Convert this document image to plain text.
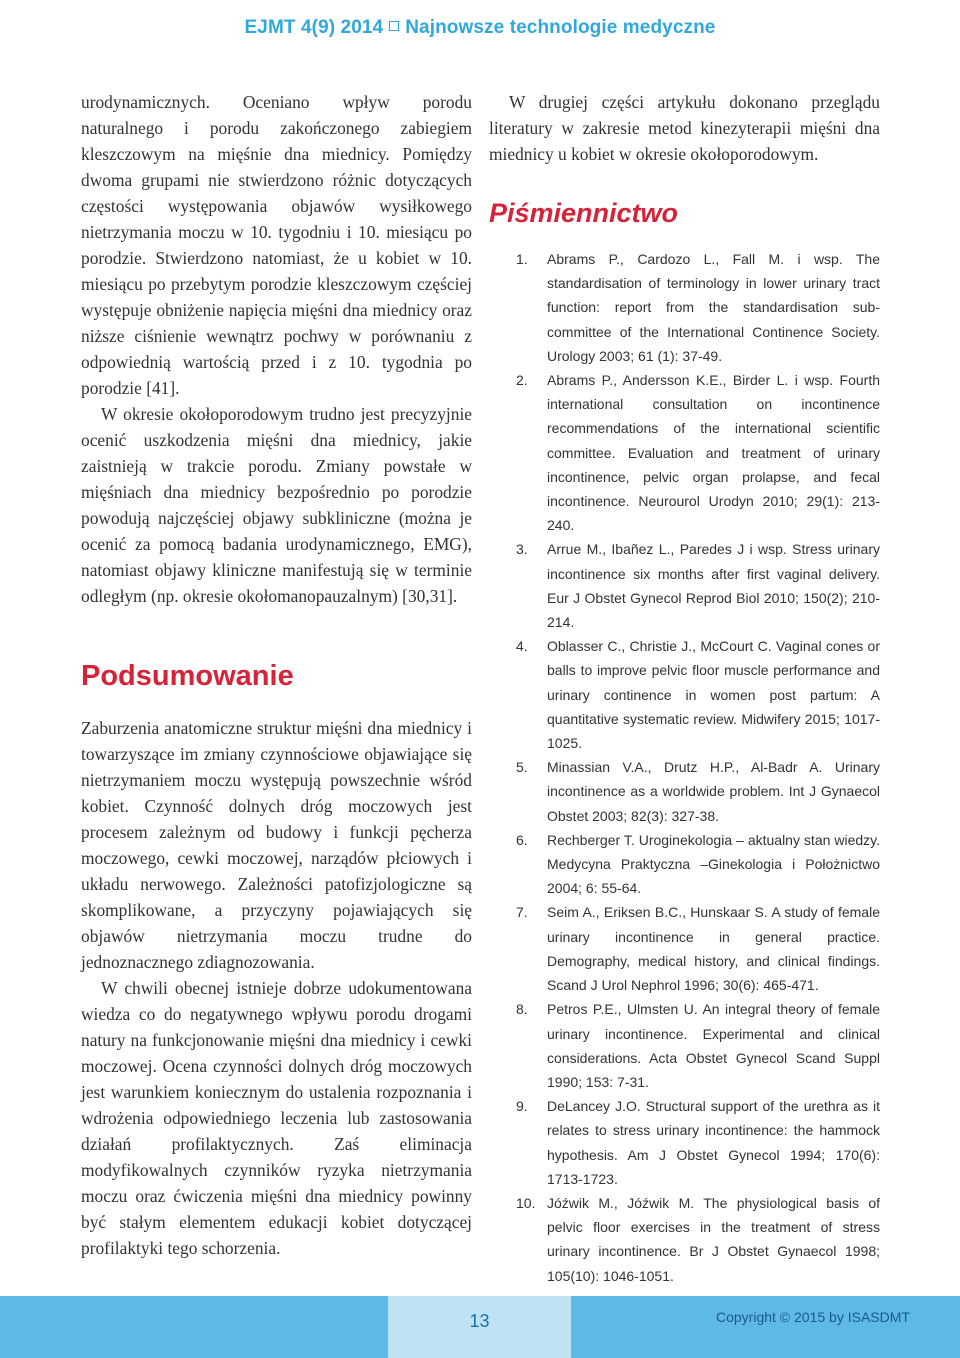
EJMT 4(9) 2014 Najnowsze technologie medyczne

urodynamicznych. Oceniano wpływ porodu naturalnego i porodu zakończonego zabiegiem kleszczowym na mięśnie dna miednicy. Pomiędzy dwoma grupami nie stwierdzono różnic dotyczących częstości występowania objawów wysiłkowego nietrzymania moczu w 10. tygodniu i 10. miesiącu po porodzie. Stwierdzono natomiast, że u kobiet w 10. miesiącu po przebytym porodzie kleszczowym częściej występuje obniżenie napięcia mięśni dna miednicy oraz niższe ciśnienie wewnątrz pochwy w porównaniu z odpowiednią wartością przed i z 10. tygodnia po porodzie [41].

W okresie okołoporodowym trudno jest precyzyjnie ocenić uszkodzenia mięśni dna miednicy, jakie zaistnieją w trakcie porodu. Zmiany powstałe w mięśniach dna miednicy bezpośrednio po porodzie powodują najczęściej objawy subkliniczne (można je ocenić za pomocą badania urodynamicznego, EMG), natomiast objawy kliniczne manifestują się w terminie odległym (np. okresie okołomanopauzalnym) [30,31].

Podsumowanie

Zaburzenia anatomiczne struktur mięśni dna miednicy i towarzyszące im zmiany czynnościowe objawiające się nietrzymaniem moczu występują powszechnie wśród kobiet. Czynność dolnych dróg moczowych jest procesem zależnym od budowy i funkcji pęcherza moczowego, cewki moczowej, narządów płciowych i układu nerwowego. Zależności patofizjologiczne są skomplikowane, a przyczyny pojawiających się objawów nietrzymania moczu trudne do jednoznacznego zdiagnozowania.

W chwili obecnej istnieje dobrze udokumentowana wiedza co do negatywnego wpływu porodu drogami natury na funkcjonowanie mięśni dna miednicy i cewki moczowej. Ocena czynności dolnych dróg moczowych jest warunkiem koniecznym do ustalenia rozpoznania i wdrożenia odpowiedniego leczenia lub zastosowania działań profilaktycznych. Zaś eliminacja modyfikowalnych czynników ryzyka nietrzymania moczu oraz ćwiczenia mięśni dna miednicy powinny być stałym elementem edukacji kobiet dotyczącej profilaktyki tego schorzenia.

W drugiej części artykułu dokonano przeglądu literatury w zakresie metod kinezyterapii mięśni dna miednicy u kobiet w okresie okołoporodowym.

Piśmiennictwo
1. Abrams P., Cardozo L., Fall M. i wsp. The standardisation of terminology in lower urinary tract function: report from the standardisation sub-committee of the International Continence Society. Urology 2003; 61 (1): 37-49.
2. Abrams P., Andersson K.E., Birder L. i wsp. Fourth international consultation on incontinence recommendations of the international scientific committee. Evaluation and treatment of urinary incontinence, pelvic organ prolapse, and fecal incontinence. Neurourol Urodyn 2010; 29(1): 213-240.
3. Arrue M., Ibañez L., Paredes J i wsp. Stress urinary incontinence six months after first vaginal delivery. Eur J Obstet Gynecol Reprod Biol 2010; 150(2); 210-214.
4. Oblasser C., Christie J., McCourt C. Vaginal cones or balls to improve pelvic floor muscle performance and urinary continence in women post partum: A quantitative systematic review. Midwifery 2015; 1017- 1025.
5. Minassian V.A., Drutz H.P., Al-Badr A. Urinary incontinence as a worldwide problem. Int J Gynaecol Obstet 2003; 82(3): 327-38.
6. Rechberger T. Uroginekologia – aktualny stan wiedzy. Medycyna Praktyczna –Ginekologia i Położnictwo 2004; 6: 55-64.
7. Seim A., Eriksen B.C., Hunskaar S. A study of female urinary incontinence in general practice. Demography, medical history, and clinical findings. Scand J Urol Nephrol 1996; 30(6): 465-471.
8. Petros P.E., Ulmsten U. An integral theory of female urinary incontinence. Experimental and clinical considerations. Acta Obstet Gynecol Scand Suppl 1990; 153: 7-31.
9. DeLancey J.O. Structural support of the urethra as it relates to stress urinary incontinence: the hammock hypothesis. Am J Obstet Gynecol 1994; 170(6): 1713-1723.
10. Jóźwik M., Jóźwik M. The physiological basis of pelvic floor exercises in the treatment of stress urinary incontinence. Br J Obstet Gynaecol 1998; 105(10): 1046-1051.
13	Copyright © 2015 by ISASDMT
